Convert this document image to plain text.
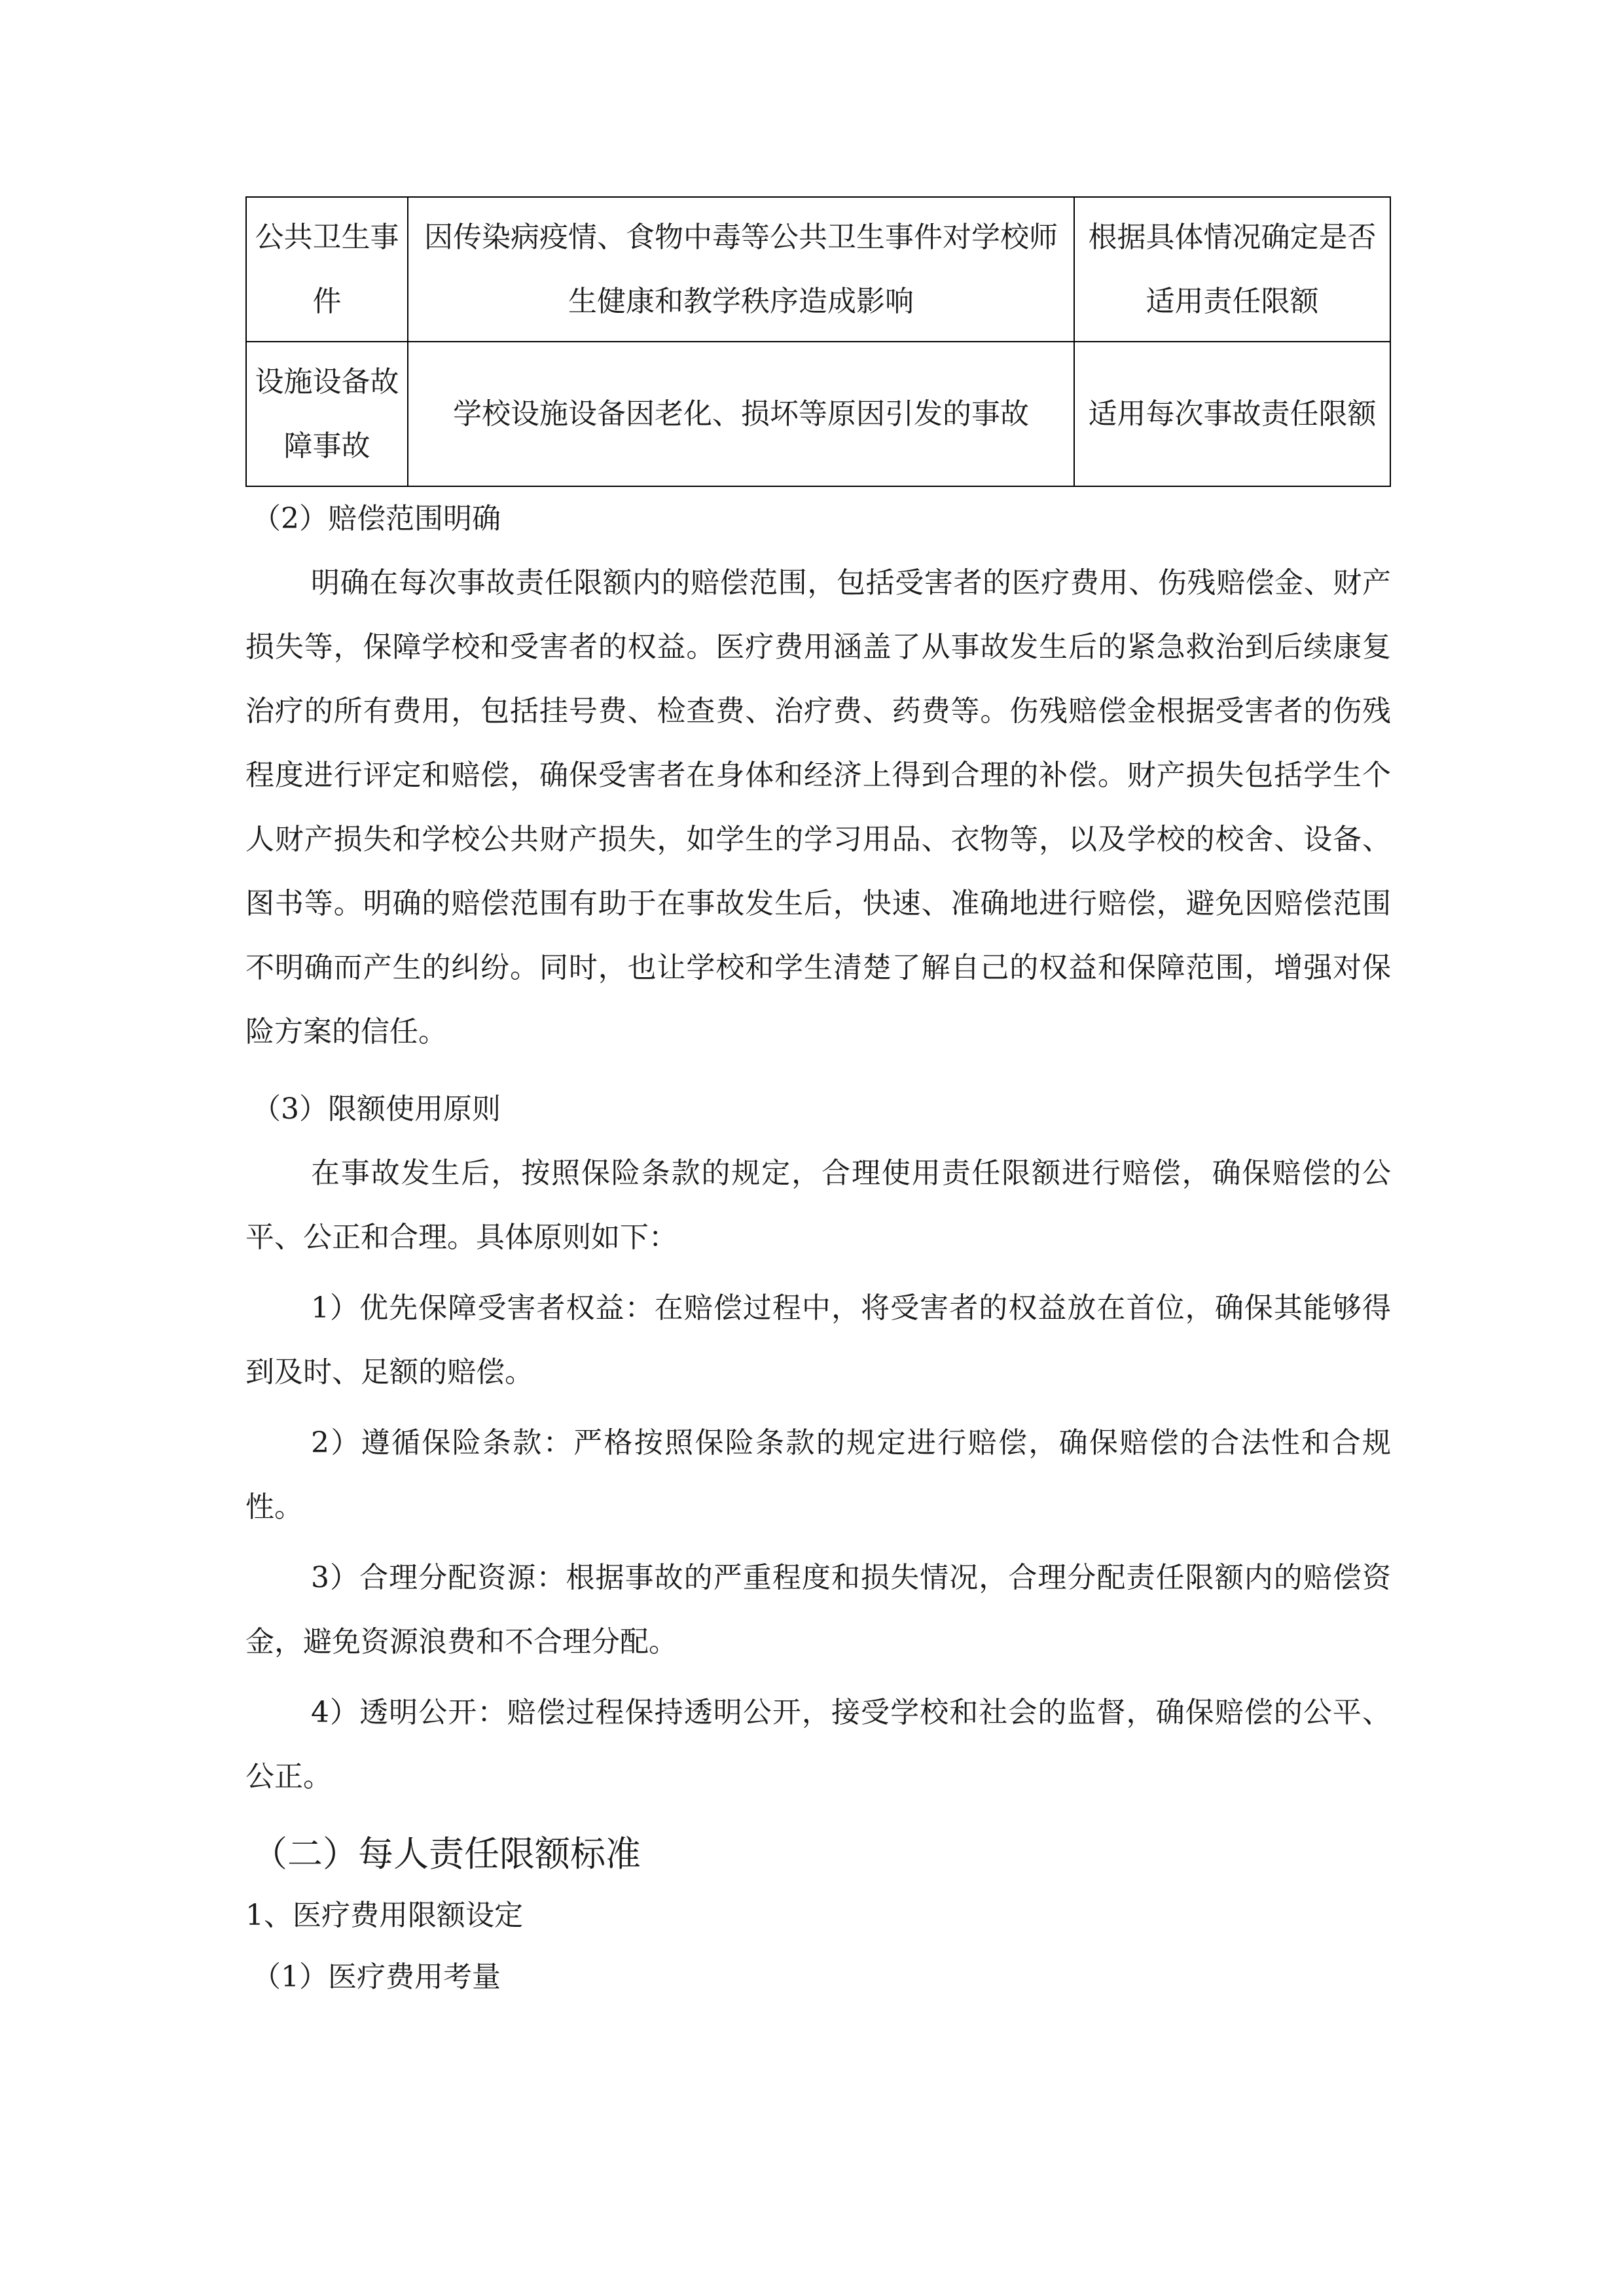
公共卫生事件	因传染病疫情、食物中毒等公共卫生事件对学校师生健康和教学秩序造成影响	根据具体情况确定是否适用责任限额
设施设备故障事故	学校设施设备因老化、损坏等原因引发的事故	适用每次事故责任限额

（2）赔偿范围明确

明确在每次事故责任限额内的赔偿范围，包括受害者的医疗费用、伤残赔偿金、财产损失等，保障学校和受害者的权益。医疗费用涵盖了从事故发生后的紧急救治到后续康复治疗的所有费用，包括挂号费、检查费、治疗费、药费等。伤残赔偿金根据受害者的伤残程度进行评定和赔偿，确保受害者在身体和经济上得到合理的补偿。财产损失包括学生个人财产损失和学校公共财产损失，如学生的学习用品、衣物等，以及学校的校舍、设备、图书等。明确的赔偿范围有助于在事故发生后，快速、准确地进行赔偿，避免因赔偿范围不明确而产生的纠纷。同时，也让学校和学生清楚了解自己的权益和保障范围，增强对保险方案的信任。

（3）限额使用原则

在事故发生后，按照保险条款的规定，合理使用责任限额进行赔偿，确保赔偿的公平、公正和合理。具体原则如下：

1）优先保障受害者权益：在赔偿过程中，将受害者的权益放在首位，确保其能够得到及时、足额的赔偿。

2）遵循保险条款：严格按照保险条款的规定进行赔偿，确保赔偿的合法性和合规性。

3）合理分配资源：根据事故的严重程度和损失情况，合理分配责任限额内的赔偿资金，避免资源浪费和不合理分配。

4）透明公开：赔偿过程保持透明公开，接受学校和社会的监督，确保赔偿的公平、公正。

（二）每人责任限额标准

1、医疗费用限额设定

（1）医疗费用考量
